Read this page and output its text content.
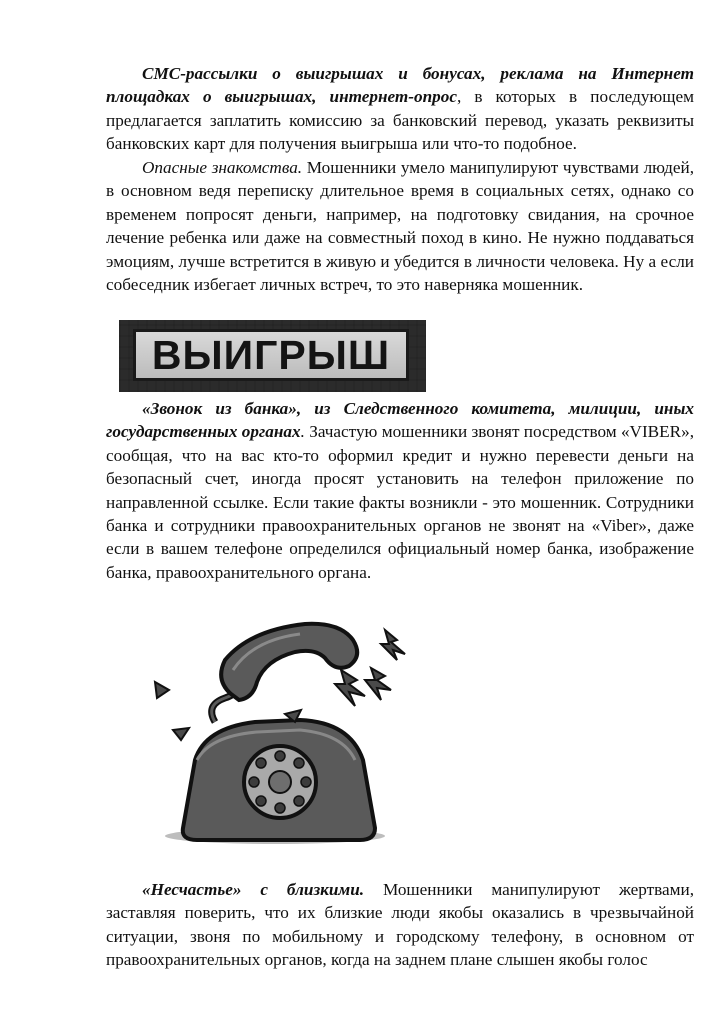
СМС-рассылки о выигрышах и бонусах, реклама на Интернет площадках о выигрышах, интернет-опрос, в которых в последующем предлагается заплатить комиссию за банковский перевод, указать реквизиты банковских карт для получения выигрыша или что-то подобное.

Опасные знакомства. Мошенники умело манипулируют чувствами людей, в основном ведя переписку длительное время в социальных сетях, однако со временем попросят деньги, например, на подготовку свидания, на срочное лечение ребенка или даже на совместный поход в кино. Не нужно поддаваться эмоциям, лучше встретится в живую и убедится в личности человека. Ну а если собеседник избегает личных встреч, то это наверняка мошенник.

ВЫИГРЫШ

«Звонок из банка», из Следственного комитета, милиции, иных государственных органах. Зачастую мошенники звонят посредством «VIBER», сообщая, что на вас кто-то оформил кредит и нужно перевести деньги на безопасный счет, иногда просят установить на телефон приложение по направленной ссылке. Если такие факты возникли - это мошенник. Сотрудники банка и сотрудники правоохранительных органов не звонят на «Viber», даже если в вашем телефоне определился официальный номер банка, изображение банка, правоохранительного органа.

«Несчастье» с близкими. Мошенники манипулируют жертвами, заставляя поверить, что их близкие люди якобы оказались в чрезвычайной ситуации, звоня по мобильному и городскому телефону, в основном от правоохранительных органов, когда на заднем плане слышен якобы голос
